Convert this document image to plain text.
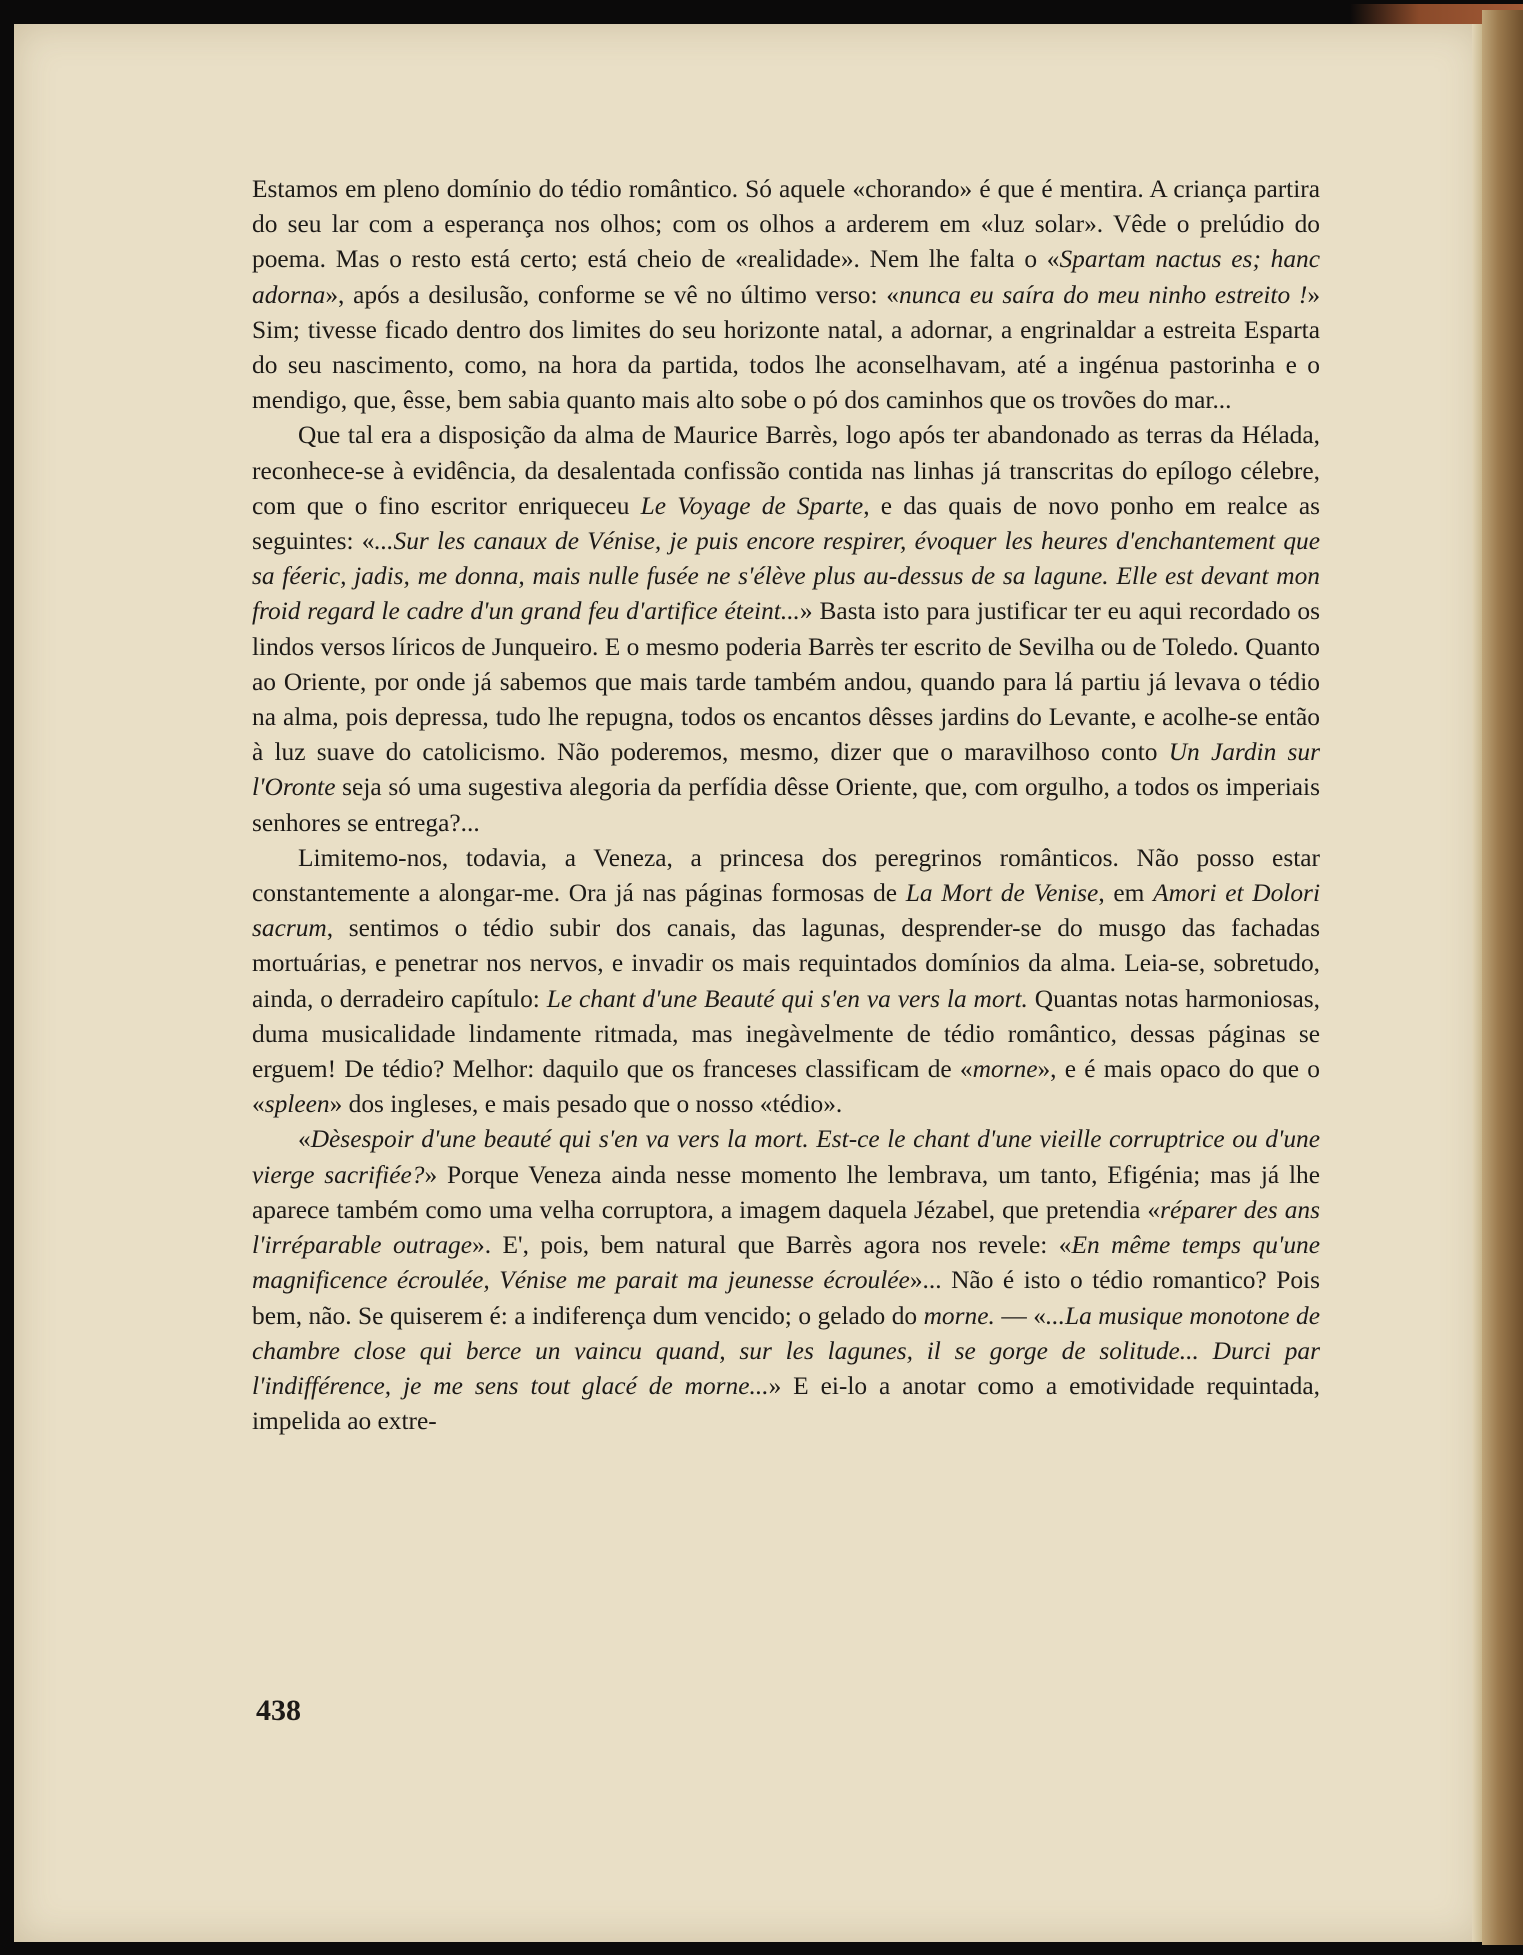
Estamos em pleno domínio do tédio romântico. Só aquele «chorando» é que é mentira. A criança partira do seu lar com a esperança nos olhos; com os olhos a arderem em «luz solar». Vêde o prelúdio do poema. Mas o resto está certo; está cheio de «realidade». Nem lhe falta o «Spartam nactus es; hanc adorna», após a desilusão, conforme se vê no último verso: «nunca eu saíra do meu ninho estreito !» Sim; tivesse ficado dentro dos limites do seu horizonte natal, a adornar, a engrinaldar a estreita Esparta do seu nascimento, como, na hora da partida, todos lhe aconselhavam, até a ingénua pastorinha e o mendigo, que, êsse, bem sabia quanto mais alto sobe o pó dos caminhos que os trovões do mar...

Que tal era a disposição da alma de Maurice Barrès, logo após ter abandonado as terras da Hélada, reconhece-se à evidência, da desalentada confissão contida nas linhas já transcritas do epílogo célebre, com que o fino escritor enriqueceu Le Voyage de Sparte, e das quais de novo ponho em realce as seguintes: «...Sur les canaux de Vénise, je puis encore respirer, évoquer les heures d'enchantement que sa féeric, jadis, me donna, mais nulle fusée ne s'élève plus au-dessus de sa lagune. Elle est devant mon froid regard le cadre d'un grand feu d'artifice éteint...» Basta isto para justificar ter eu aqui recordado os lindos versos líricos de Junqueiro. E o mesmo poderia Barrès ter escrito de Sevilha ou de Toledo. Quanto ao Oriente, por onde já sabemos que mais tarde também andou, quando para lá partiu já levava o tédio na alma, pois depressa, tudo lhe repugna, todos os encantos dêsses jardins do Levante, e acolhe-se então à luz suave do catolicismo. Não poderemos, mesmo, dizer que o maravilhoso conto Un Jardin sur l'Oronte seja só uma sugestiva alegoria da perfídia dêsse Oriente, que, com orgulho, a todos os imperiais senhores se entrega?...

Limitemo-nos, todavia, a Veneza, a princesa dos peregrinos românticos. Não posso estar constantemente a alongar-me. Ora já nas páginas formosas de La Mort de Venise, em Amori et Dolori sacrum, sentimos o tédio subir dos canais, das lagunas, desprender-se do musgo das fachadas mortuárias, e penetrar nos nervos, e invadir os mais requintados domínios da alma. Leia-se, sobretudo, ainda, o derradeiro capítulo: Le chant d'une Beauté qui s'en va vers la mort. Quantas notas harmoniosas, duma musicalidade lindamente ritmada, mas inegàvelmente de tédio romântico, dessas páginas se erguem! De tédio? Melhor: daquilo que os franceses classificam de «morne», e é mais opaco do que o «spleen» dos ingleses, e mais pesado que o nosso «tédio».

«Dèsespoir d'une beauté qui s'en va vers la mort. Est-ce le chant d'une vieille corruptrice ou d'une vierge sacrifiée?» Porque Veneza ainda nesse momento lhe lembrava, um tanto, Efigénia; mas já lhe aparece também como uma velha corruptora, a imagem daquela Jézabel, que pretendia «réparer des ans l'irréparable outrage». E', pois, bem natural que Barrès agora nos revele: «En même temps qu'une magnificence écroulée, Vénise me parait ma jeunesse écroulée»... Não é isto o tédio romantico? Pois bem, não. Se quiserem é: a indiferença dum vencido; o gelado do morne. — «...La musique monotone de chambre close qui berce un vaincu quand, sur les lagunes, il se gorge de solitude... Durci par l'indifférence, je me sens tout glacé de morne...» E ei-lo a anotar como a emotividade requintada, impelida ao extre-

438
